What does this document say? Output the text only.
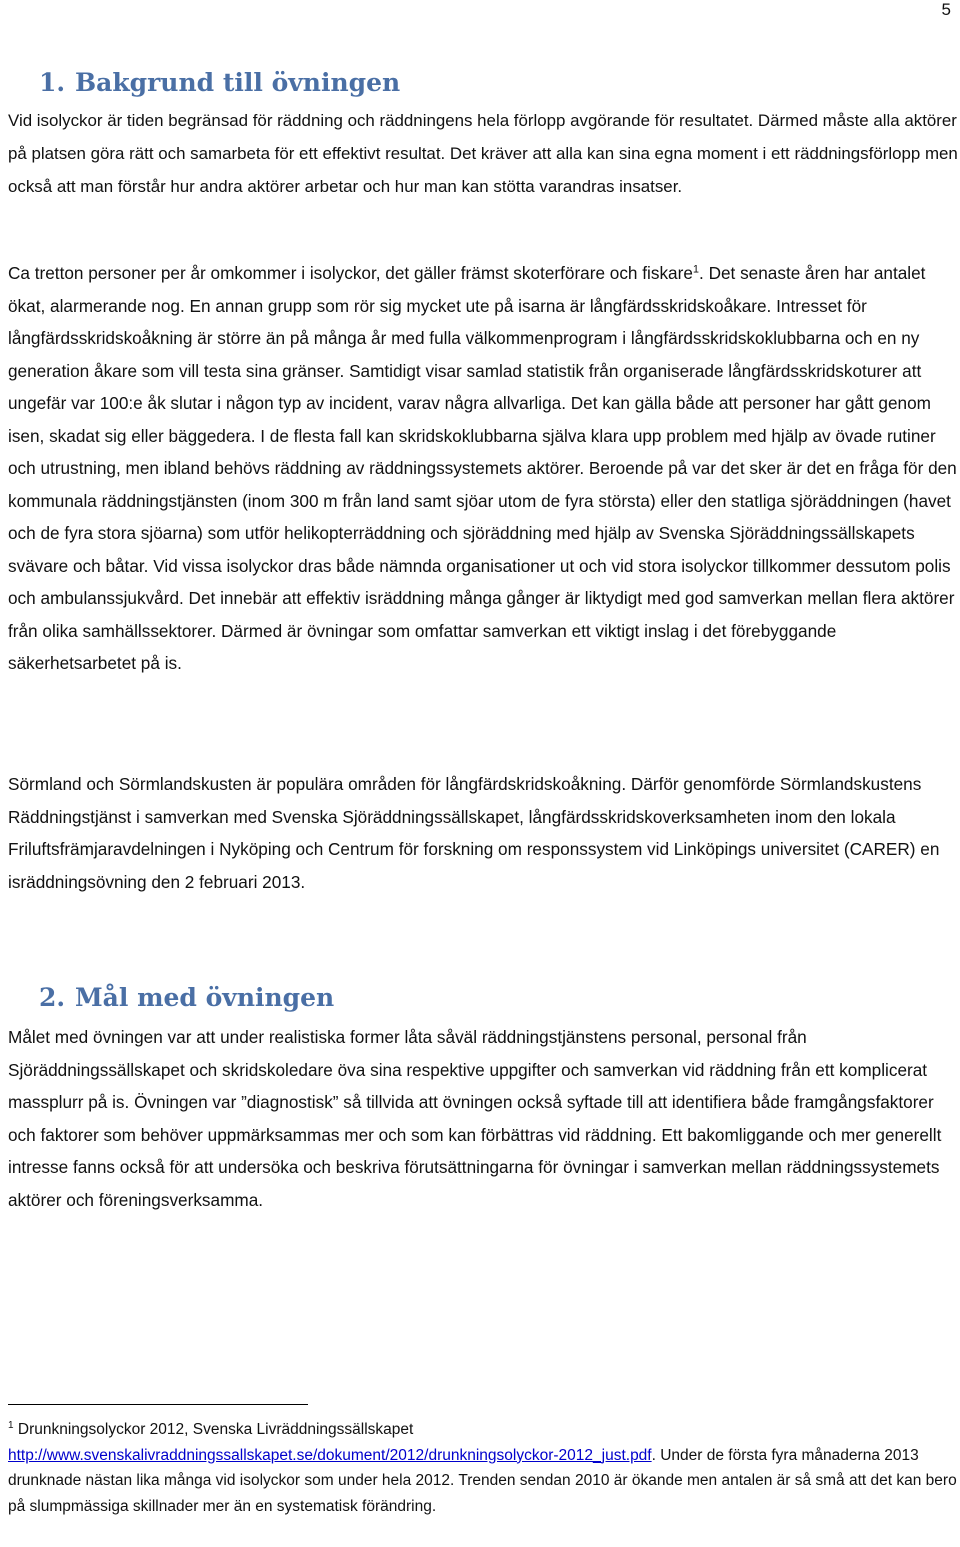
5
1. Bakgrund till övningen

Vid isolyckor är tiden begränsad för räddning och räddningens hela förlopp avgörande för resultatet. Därmed måste alla aktörer på platsen göra rätt och samarbeta för ett effektivt resultat. Det kräver att alla kan sina egna moment i ett räddningsförlopp men också att man förstår hur andra aktörer arbetar och hur man kan stötta varandras insatser.

Ca tretton personer per år omkommer i isolyckor, det gäller främst skoterförare och fiskare$^1$. Det senaste åren har antalet ökat, alarmerande nog. En annan grupp som rör sig mycket ute på isarna är långfärdsskridskoåkare. Intresset för långfärdsskridskoåkning är större än på många år med fulla välkommenprogram i långfärdsskridskoklubbarna och en ny generation åkare som vill testa sina gränser. Samtidigt visar samlad statistik från organiserade långfärdsskridskoturer att ungefär var 100:e åk slutar i någon typ av incident, varav några allvarliga. Det kan gälla både att personer har gått genom isen, skadat sig eller bäggedera. I de flesta fall kan skridskoklubbarna själva klara upp problem med hjälp av övade rutiner och utrustning, men ibland behövs räddning av räddningssystemets aktörer. Beroende på var det sker är det en fråga för den kommunala räddningstjänsten (inom 300 m från land samt sjöar utom de fyra största) eller den statliga sjöräddningen (havet och de fyra stora sjöarna) som utför helikopterräddning och sjöräddning med hjälp av Svenska Sjöräddningssällskapets svävare och båtar. Vid vissa isolyckor dras både nämnda organisationer ut och vid stora isolyckor tillkommer dessutom polis och ambulanssjukvård. Det innebär att effektiv isräddning många gånger är liktydigt med god samverkan mellan flera aktörer från olika samhällssektorer. Därmed är övningar som omfattar samverkan ett viktigt inslag i det förebyggande säkerhetsarbetet på is.

Sörmland och Sörmlandskusten är populära områden för långfärdskridskoåkning. Därför genomförde Sörmlandskustens Räddningstjänst i samverkan med Svenska Sjöräddningssällskapet, långfärdsskridskoverksamheten inom den lokala Friluftsfrämjaravdelningen i Nyköping och Centrum för forskning om responssystem vid Linköpings universitet (CARER) en isräddningsövning den 2 februari 2013.

2. Mål med övningen

Målet med övningen var att under realistiska former låta såväl räddningstjänstens personal, personal från Sjöräddningssällskapet och skridskoledare öva sina respektive uppgifter och samverkan vid räddning från ett komplicerat massplurr på is. Övningen var ”diagnostisk” så tillvida att övningen också syftade till att identifiera både framgångsfaktorer och faktorer som behöver uppmärksammas mer och som kan förbättras vid räddning. Ett bakomliggande och mer generellt intresse fanns också för att undersöka och beskriva förutsättningarna för övningar i samverkan mellan räddningssystemets aktörer och föreningsverksamma.

$^1$ Drunkningsolyckor 2012, Svenska Livräddningssällskapet
http://www.svenskalivraddningssallskapet.se/dokument/2012/drunkningsolyckor-2012_just.pdf. Under de första fyra månaderna 2013 drunknade nästan lika många vid isolyckor som under hela 2012. Trenden sendan 2010 är ökande men antalen är så små att det kan bero på slumpmässiga skillnader mer än en systematisk förändring.
